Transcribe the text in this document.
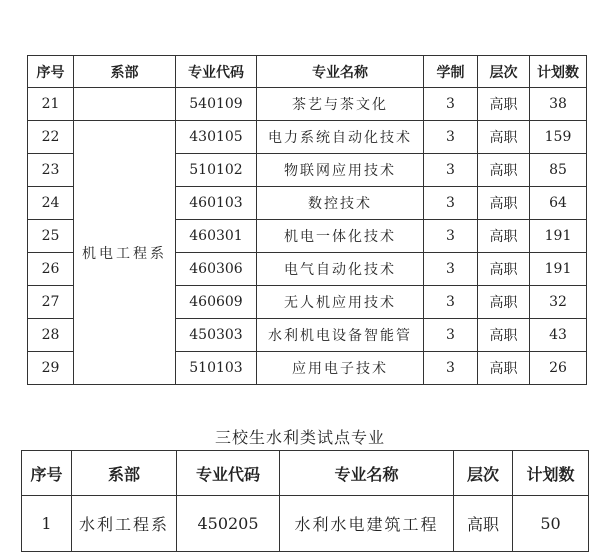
序号	系部	专业代码	专业名称	学制	层次	计划数
21		540109	茶艺与茶文化	3	高职	38
22	机电工程系	430105	电力系统自动化技术	3	高职	159
23		510102	物联网应用技术	3	高职	85
24		460103	数控技术	3	高职	64
25		460301	机电一体化技术	3	高职	191
26		460306	电气自动化技术	3	高职	191
27		460609	无人机应用技术	3	高职	32
28		450303	水利机电设备智能管	3	高职	43
29		510103	应用电子技术	3	高职	26
三校生水利类试点专业
序号	系部	专业代码	专业名称	层次	计划数
1	水利工程系	450205	水利水电建筑工程	高职	50
